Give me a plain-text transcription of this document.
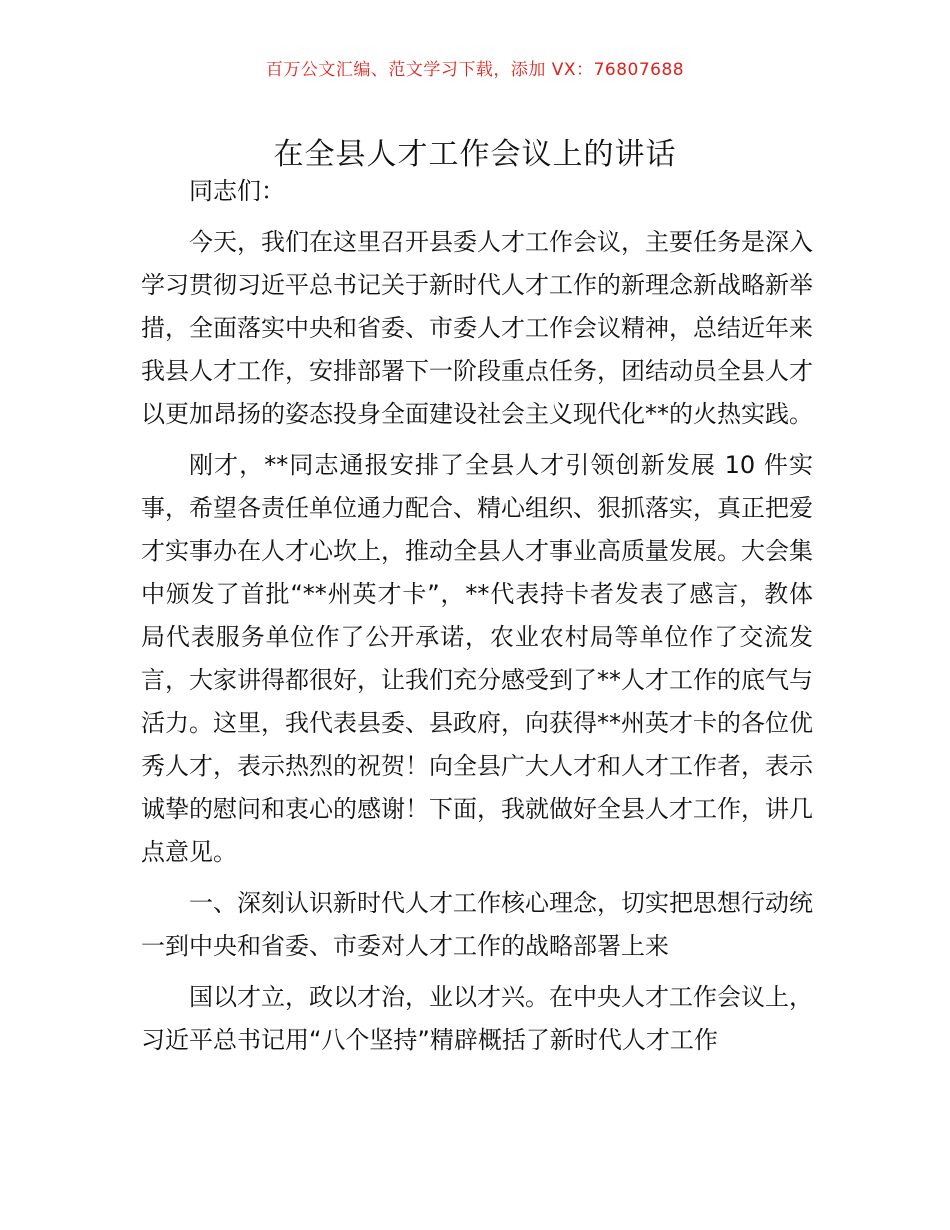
百万公文汇编、范文学习下载，添加 VX：76807688
在全县人才工作会议上的讲话
同志们：

今天，我们在这里召开县委人才工作会议，主要任务是深入学习贯彻习近平总书记关于新时代人才工作的新理念新战略新举措，全面落实中央和省委、市委人才工作会议精神，总结近年来我县人才工作，安排部署下一阶段重点任务，团结动员全县人才以更加昂扬的姿态投身全面建设社会主义现代化**的火热实践。

刚才，**同志通报安排了全县人才引领创新发展 10 件实事，希望各责任单位通力配合、精心组织、狠抓落实，真正把爱才实事办在人才心坎上，推动全县人才事业高质量发展。大会集中颁发了首批“**州英才卡”，**代表持卡者发表了感言，教体局代表服务单位作了公开承诺，农业农村局等单位作了交流发言，大家讲得都很好，让我们充分感受到了**人才工作的底气与活力。这里，我代表县委、县政府，向获得**州英才卡的各位优秀人才，表示热烈的祝贺！向全县广大人才和人才工作者，表示诚挚的慰问和衷心的感谢！下面，我就做好全县人才工作，讲几点意见。

一、深刻认识新时代人才工作核心理念，切实把思想行动统一到中央和省委、市委对人才工作的战略部署上来

国以才立，政以才治，业以才兴。在中央人才工作会议上，习近平总书记用“八个坚持”精辟概括了新时代人才工作
